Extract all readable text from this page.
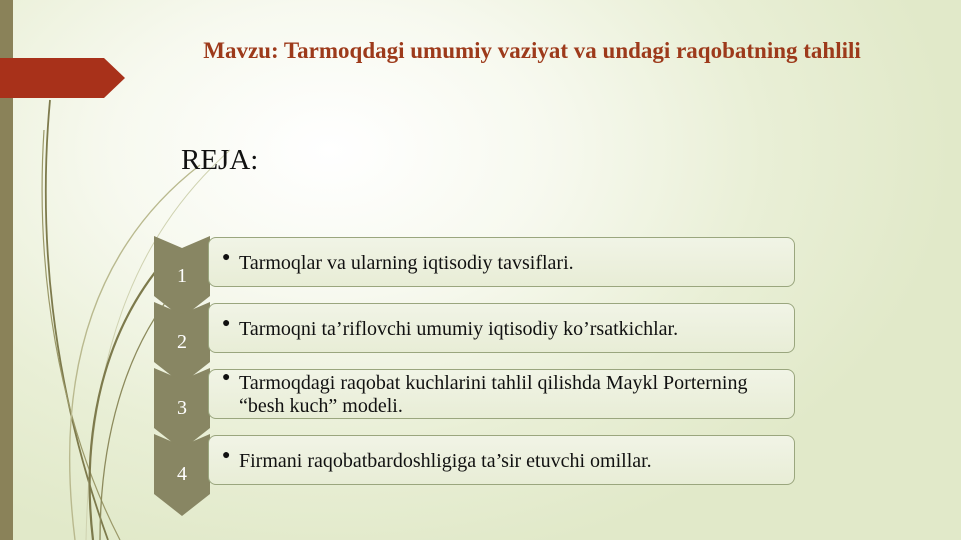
Mavzu: Tarmoqdagi umumiy vaziyat va undagi raqobatning tahlili

REJA:

1
● Tarmoqlar va ularning iqtisodiy tavsiflari.
2
● Tarmoqni ta’riflovchi umumiy iqtisodiy ko’rsatkichlar.
3
● Tarmoqdagi raqobat kuchlarini tahlil qilishda Maykl Porterning “besh kuch” modeli.
4
● Firmani raqobatbardoshligiga ta’sir etuvchi omillar.
